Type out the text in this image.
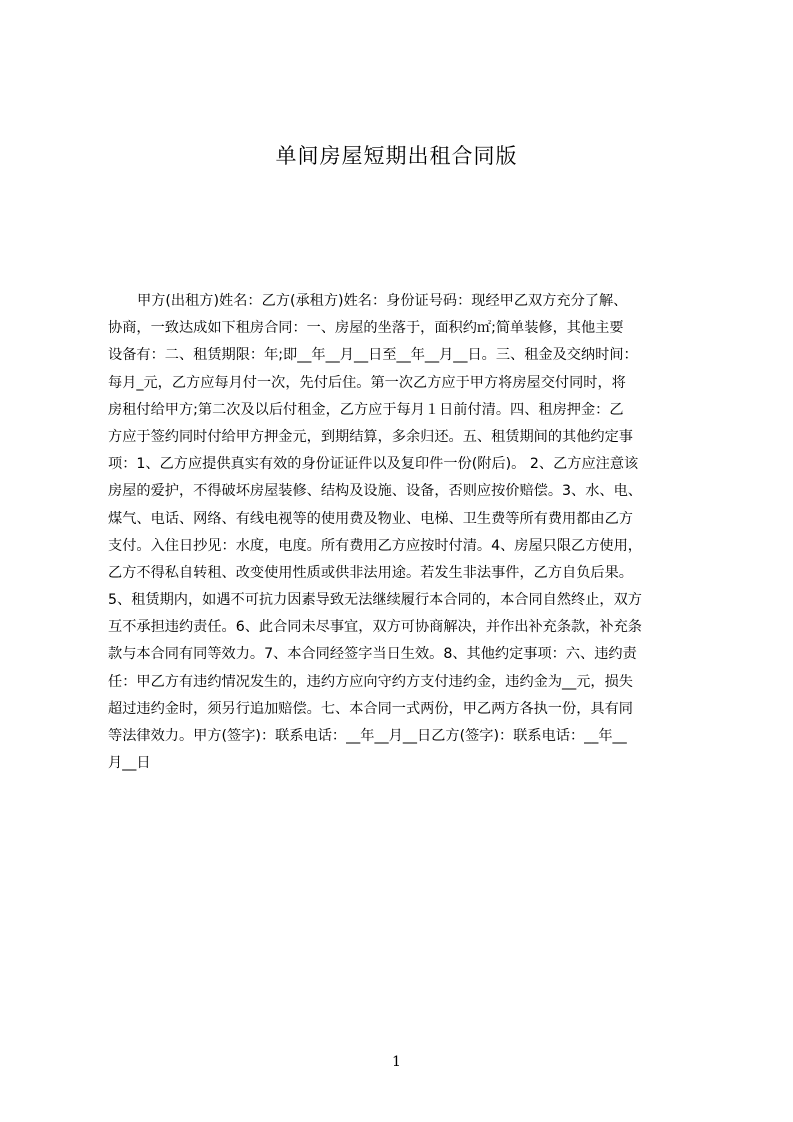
单间房屋短期出租合同版
甲方(出租方)姓名：乙方(承租方)姓名：身份证号码：现经甲乙双方充分了解、
协商，一致达成如下租房合同：一、房屋的坐落于，面积约㎡;简单装修，其他主要
设备有：二、租赁期限：年;即__年__月__日至__年__月__日。三、租金及交纳时间：
每月_元，乙方应每月付一次，先付后住。第一次乙方应于甲方将房屋交付同时，将
房租付给甲方;第二次及以后付租金，乙方应于每月１日前付清。四、租房押金：乙
方应于签约同时付给甲方押金元，到期结算，多余归还。五、租赁期间的其他约定事
项：1、乙方应提供真实有效的身份证证件以及复印件一份(附后)。 2、乙方应注意该
房屋的爱护，不得破坏房屋装修、结构及设施、设备，否则应按价赔偿。3、水、电、
煤气、电话、网络、有线电视等的使用费及物业、电梯、卫生费等所有费用都由乙方
支付。入住日抄见：水度，电度。所有费用乙方应按时付清。4、房屋只限乙方使用，
乙方不得私自转租、改变使用性质或供非法用途。若发生非法事件，乙方自负后果。
5、租赁期内，如遇不可抗力因素导致无法继续履行本合同的，本合同自然终止，双方
互不承担违约责任。6、此合同未尽事宜，双方可协商解决，并作出补充条款，补充条
款与本合同有同等效力。7、本合同经签字当日生效。8、其他约定事项：六、违约责
任：甲乙方有违约情况发生的，违约方应向守约方支付违约金，违约金为__元，损失
超过违约金时，须另行追加赔偿。七、本合同一式两份，甲乙两方各执一份，具有同
等法律效力。甲方(签字)：联系电话：__年__月__日乙方(签字)：联系电话：__年__
月__日
1
